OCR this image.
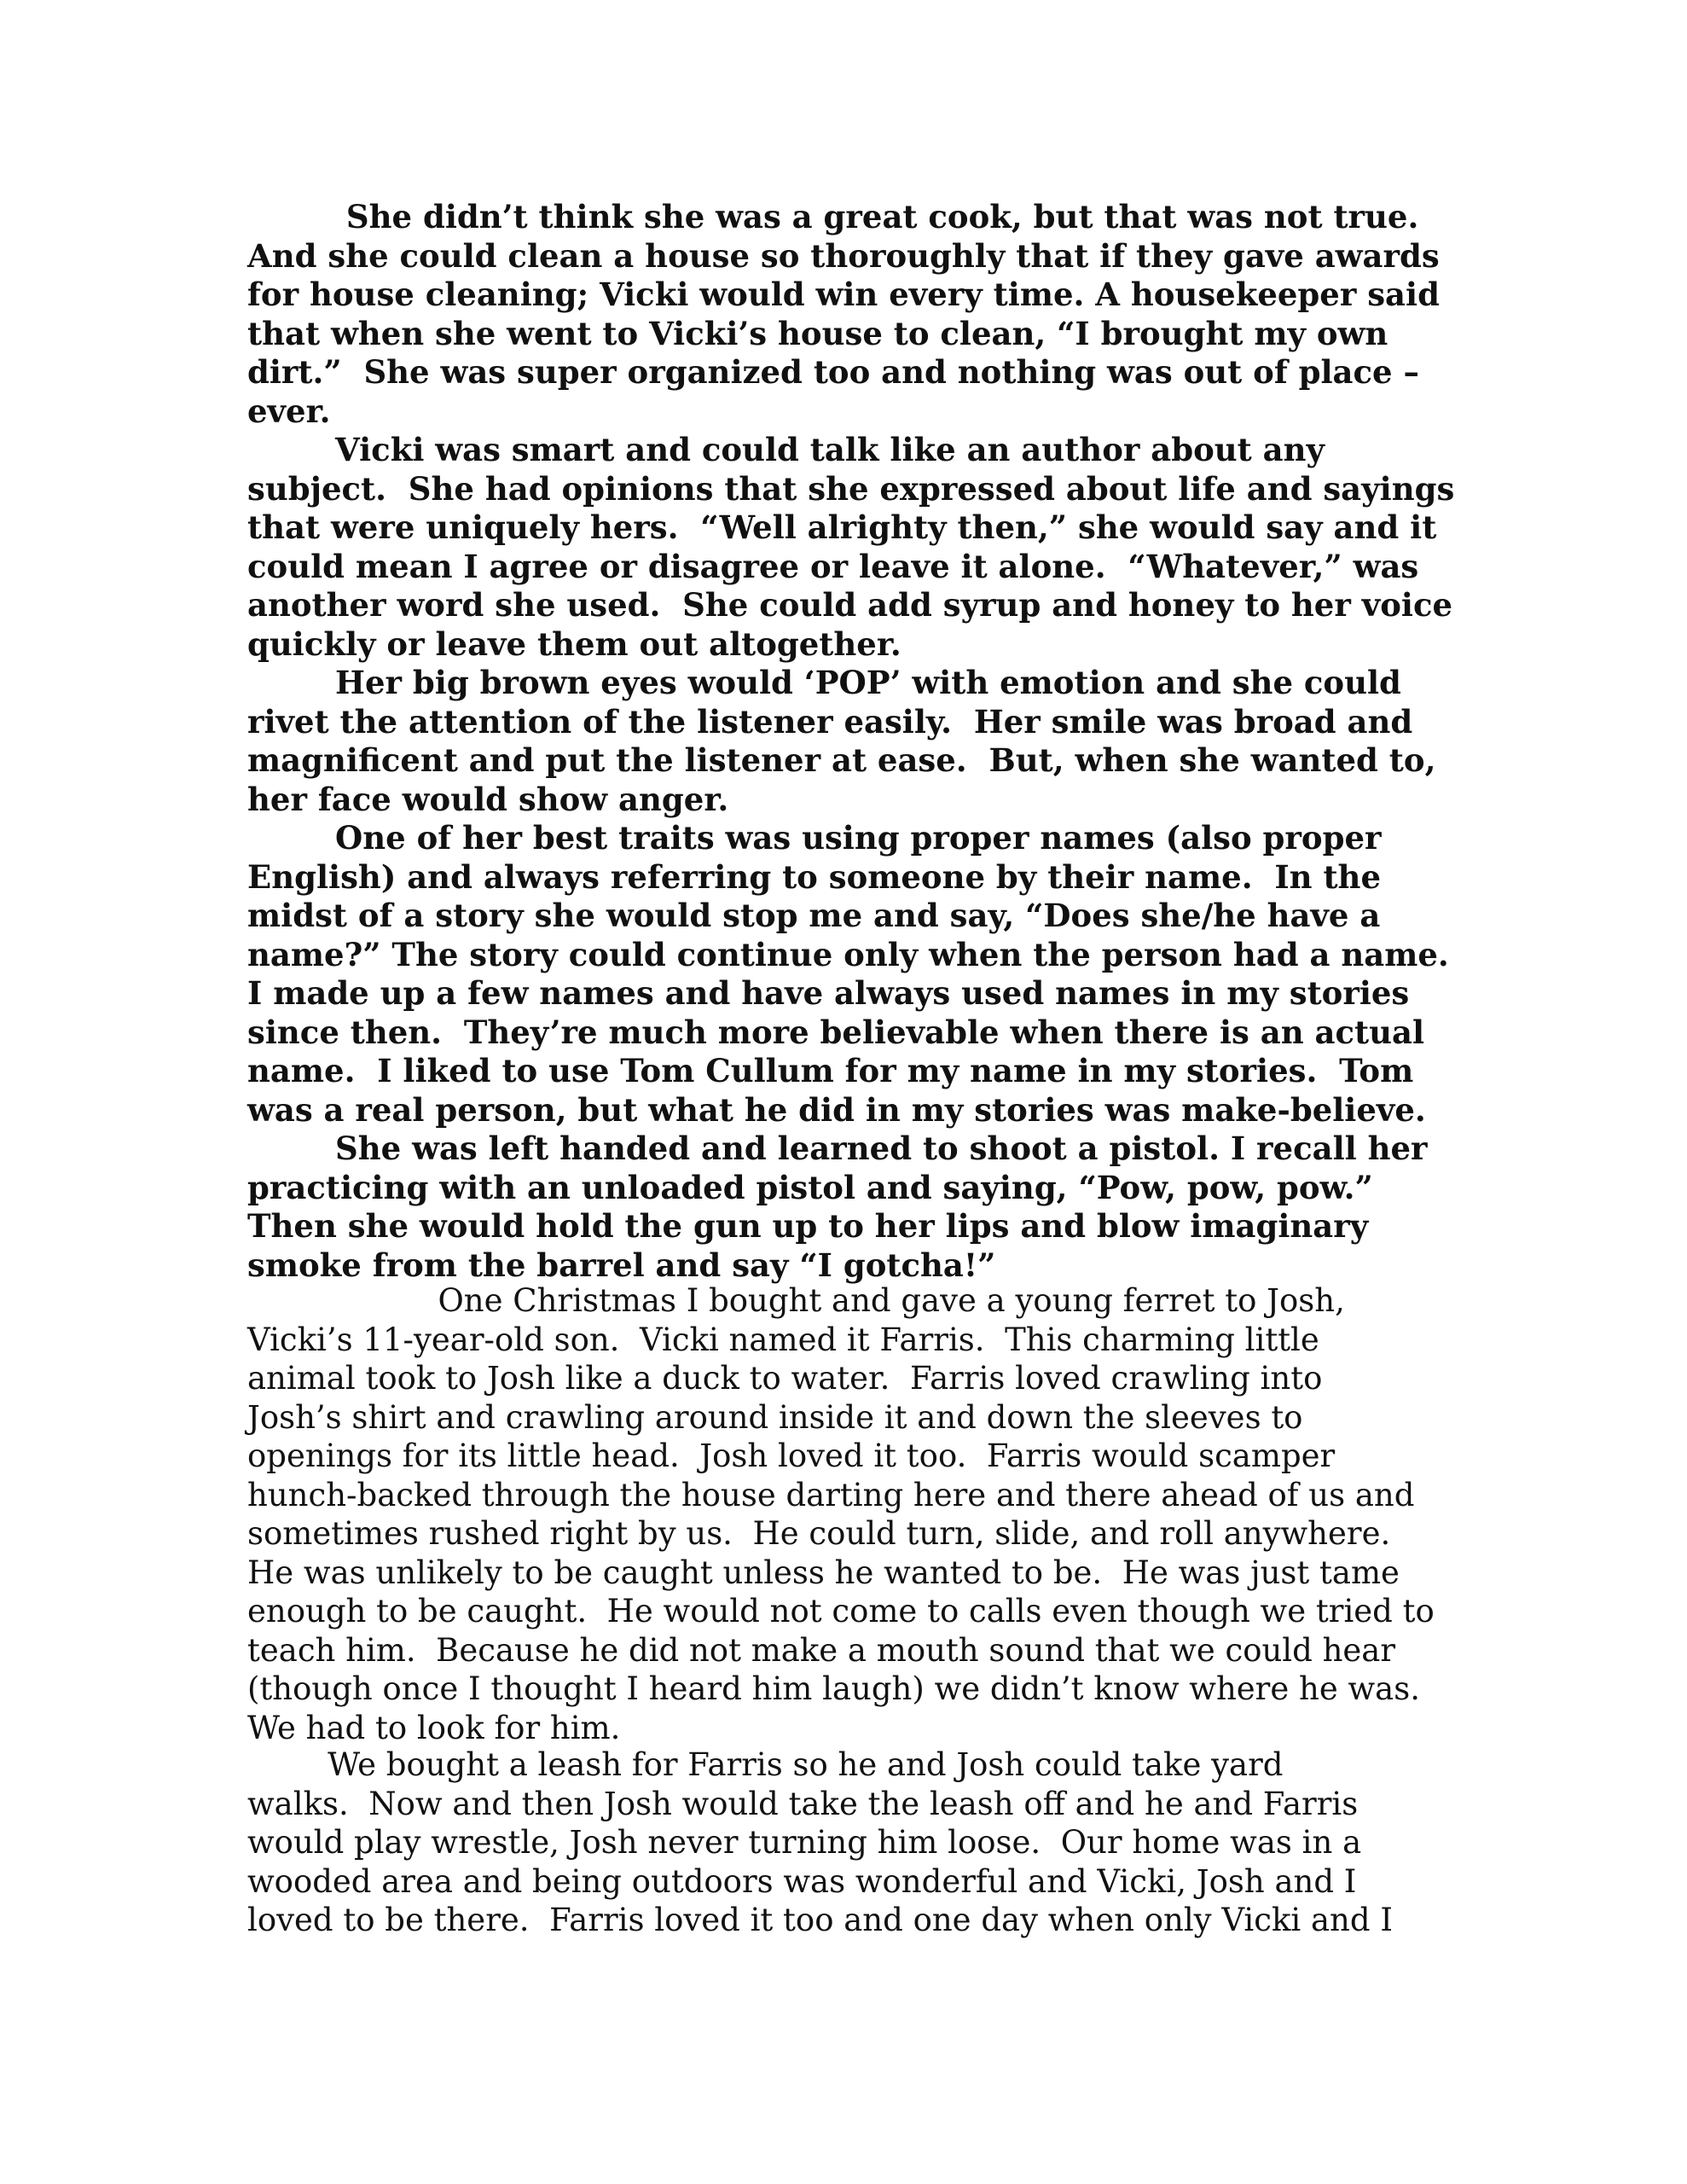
She didn’t think she was a great cook, but that was not true.
And she could clean a house so thoroughly that if they gave awards
for house cleaning; Vicki would win every time. A housekeeper said
that when she went to Vicki’s house to clean, “I brought my own
dirt.”  She was super organized too and nothing was out of place –
ever.
Vicki was smart and could talk like an author about any
subject.  She had opinions that she expressed about life and sayings
that were uniquely hers.  “Well alrighty then,” she would say and it
could mean I agree or disagree or leave it alone.  “Whatever,” was
another word she used.  She could add syrup and honey to her voice
quickly or leave them out altogether.
Her big brown eyes would ‘POP’ with emotion and she could
rivet the attention of the listener easily.  Her smile was broad and
magnificent and put the listener at ease.  But, when she wanted to,
her face would show anger.
One of her best traits was using proper names (also proper
English) and always referring to someone by their name.  In the
midst of a story she would stop me and say, “Does she/he have a
name?” The story could continue only when the person had a name.
I made up a few names and have always used names in my stories
since then.  They’re much more believable when there is an actual
name.  I liked to use Tom Cullum for my name in my stories.  Tom
was a real person, but what he did in my stories was make-believe.
She was left handed and learned to shoot a pistol. I recall her
practicing with an unloaded pistol and saying, “Pow, pow, pow.”
Then she would hold the gun up to her lips and blow imaginary
smoke from the barrel and say “I gotcha!”
One Christmas I bought and gave a young ferret to Josh,
Vicki’s 11-year-old son.  Vicki named it Farris.  This charming little
animal took to Josh like a duck to water.  Farris loved crawling into
Josh’s shirt and crawling around inside it and down the sleeves to
openings for its little head.  Josh loved it too.  Farris would scamper
hunch-backed through the house darting here and there ahead of us and
sometimes rushed right by us.  He could turn, slide, and roll anywhere.
He was unlikely to be caught unless he wanted to be.  He was just tame
enough to be caught.  He would not come to calls even though we tried to
teach him.  Because he did not make a mouth sound that we could hear
(though once I thought I heard him laugh) we didn’t know where he was.
We had to look for him.
We bought a leash for Farris so he and Josh could take yard
walks.  Now and then Josh would take the leash off and he and Farris
would play wrestle, Josh never turning him loose.  Our home was in a
wooded area and being outdoors was wonderful and Vicki, Josh and I
loved to be there.  Farris loved it too and one day when only Vicki and I
